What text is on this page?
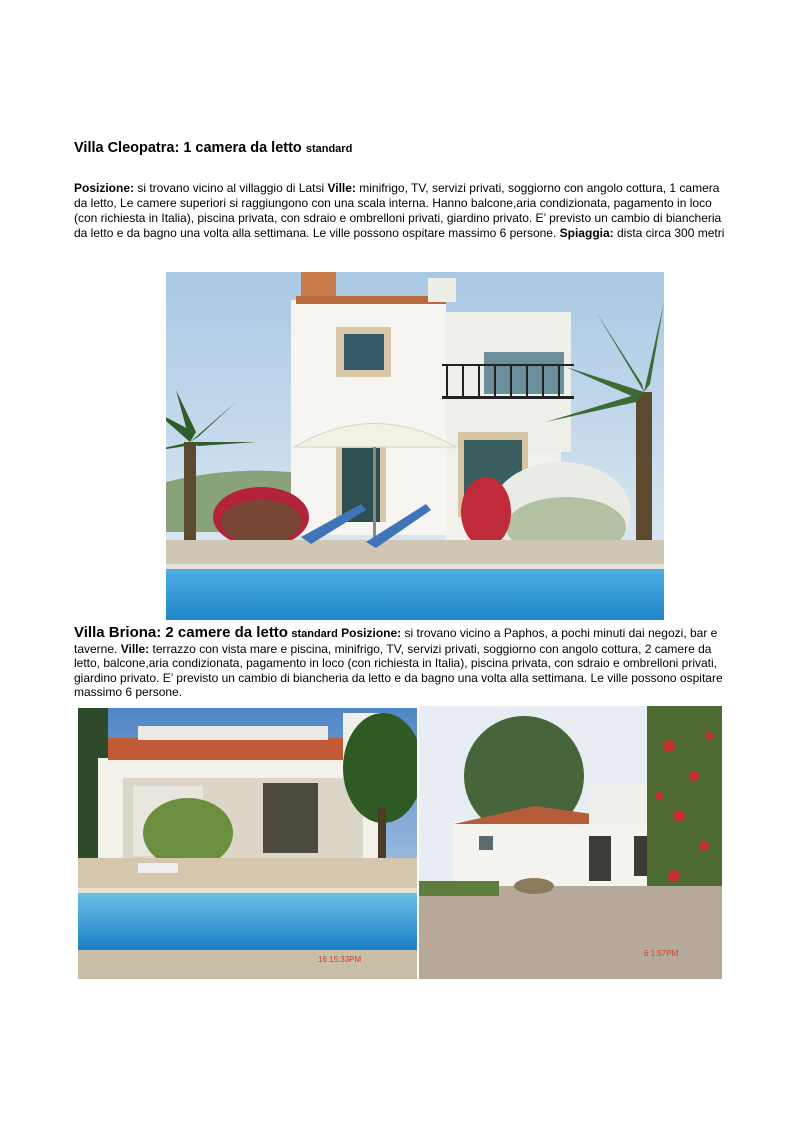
Villa Cleopatra: 1 camera da letto standard
Posizione: si trovano vicino al villaggio di Latsi Ville: minifrigo, TV, servizi privati, soggiorno con angolo cottura, 1 camera da letto, Le camere superiori si raggiungono con una scala interna. Hanno balcone,aria condizionata, pagamento in loco (con richiesta in Italia), piscina privata, con sdraio e ombrelloni privati, giardino privato. E’ previsto un cambio di biancheria da letto e da bagno una volta alla settimana. Le ville possono ospitare massimo 6 persone. Spiaggia: dista circa 300 metri
Villa Briona: 2 camere da letto standard Posizione: si trovano vicino a Paphos, a pochi minuti dai negozi, bar e taverne. Ville: terrazzo con vista mare e piscina, minifrigo, TV, servizi privati, soggiorno con angolo cottura, 2 camere da letto, balcone,aria condizionata, pagamento in loco (con richiesta in Italia), piscina privata, con sdraio e ombrelloni privati, giardino privato. E’ previsto un cambio di biancheria da letto e da bagno una volta alla settimana. Le ville possono ospitare massimo 6 persone.
16 15:33PM
6 1:57PM
